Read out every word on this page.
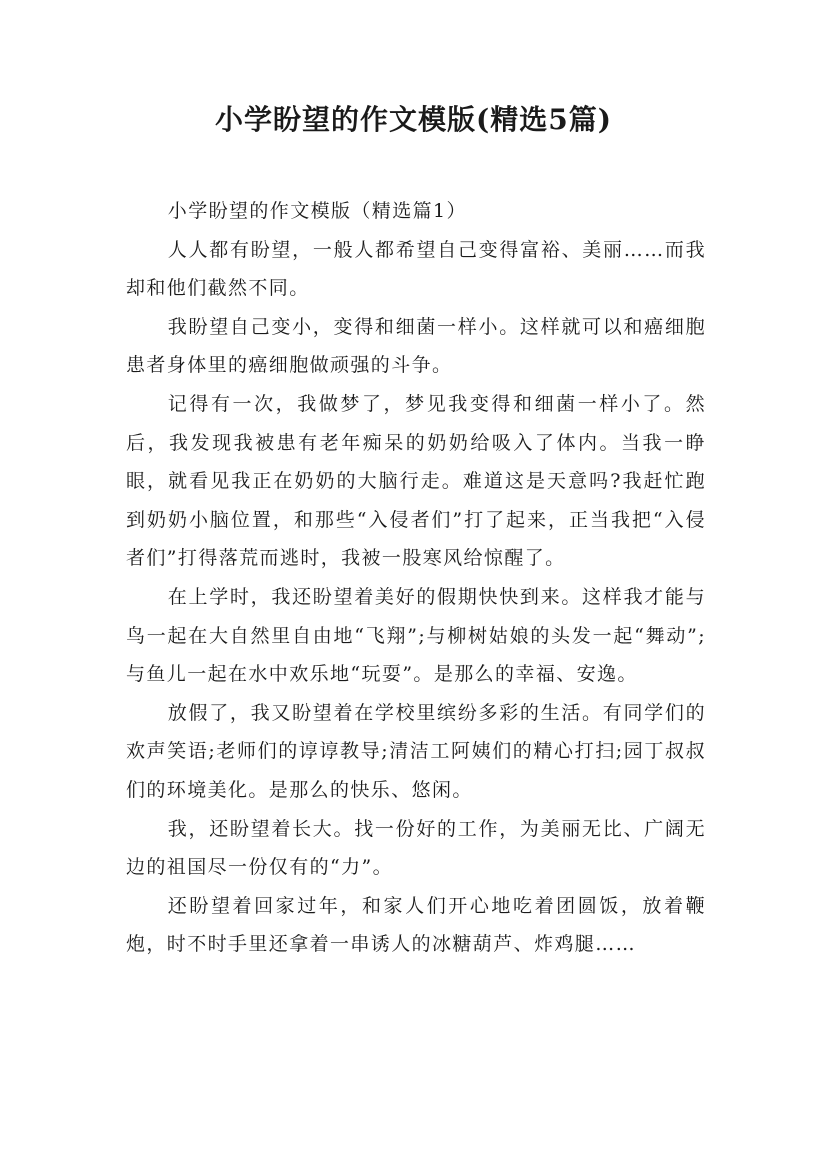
小学盼望的作文模版(精选5篇)

小学盼望的作文模版（精选篇1）

人人都有盼望，一般人都希望自己变得富裕、美丽……而我却和他们截然不同。

我盼望自己变小，变得和细菌一样小。这样就可以和癌细胞患者身体里的癌细胞做顽强的斗争。

记得有一次，我做梦了，梦见我变得和细菌一样小了。然后，我发现我被患有老年痴呆的奶奶给吸入了体内。当我一睁眼，就看见我正在奶奶的大脑行走。难道这是天意吗?我赶忙跑到奶奶小脑位置，和那些“入侵者们”打了起来，正当我把“入侵者们”打得落荒而逃时，我被一股寒风给惊醒了。

在上学时，我还盼望着美好的假期快快到来。这样我才能与鸟一起在大自然里自由地“飞翔”;与柳树姑娘的头发一起“舞动”;与鱼儿一起在水中欢乐地“玩耍”。是那么的幸福、安逸。

放假了，我又盼望着在学校里缤纷多彩的生活。有同学们的欢声笑语;老师们的谆谆教导;清洁工阿姨们的精心打扫;园丁叔叔们的环境美化。是那么的快乐、悠闲。

我，还盼望着长大。找一份好的工作，为美丽无比、广阔无边的祖国尽一份仅有的“力”。

还盼望着回家过年，和家人们开心地吃着团圆饭，放着鞭炮，时不时手里还拿着一串诱人的冰糖葫芦、炸鸡腿……
